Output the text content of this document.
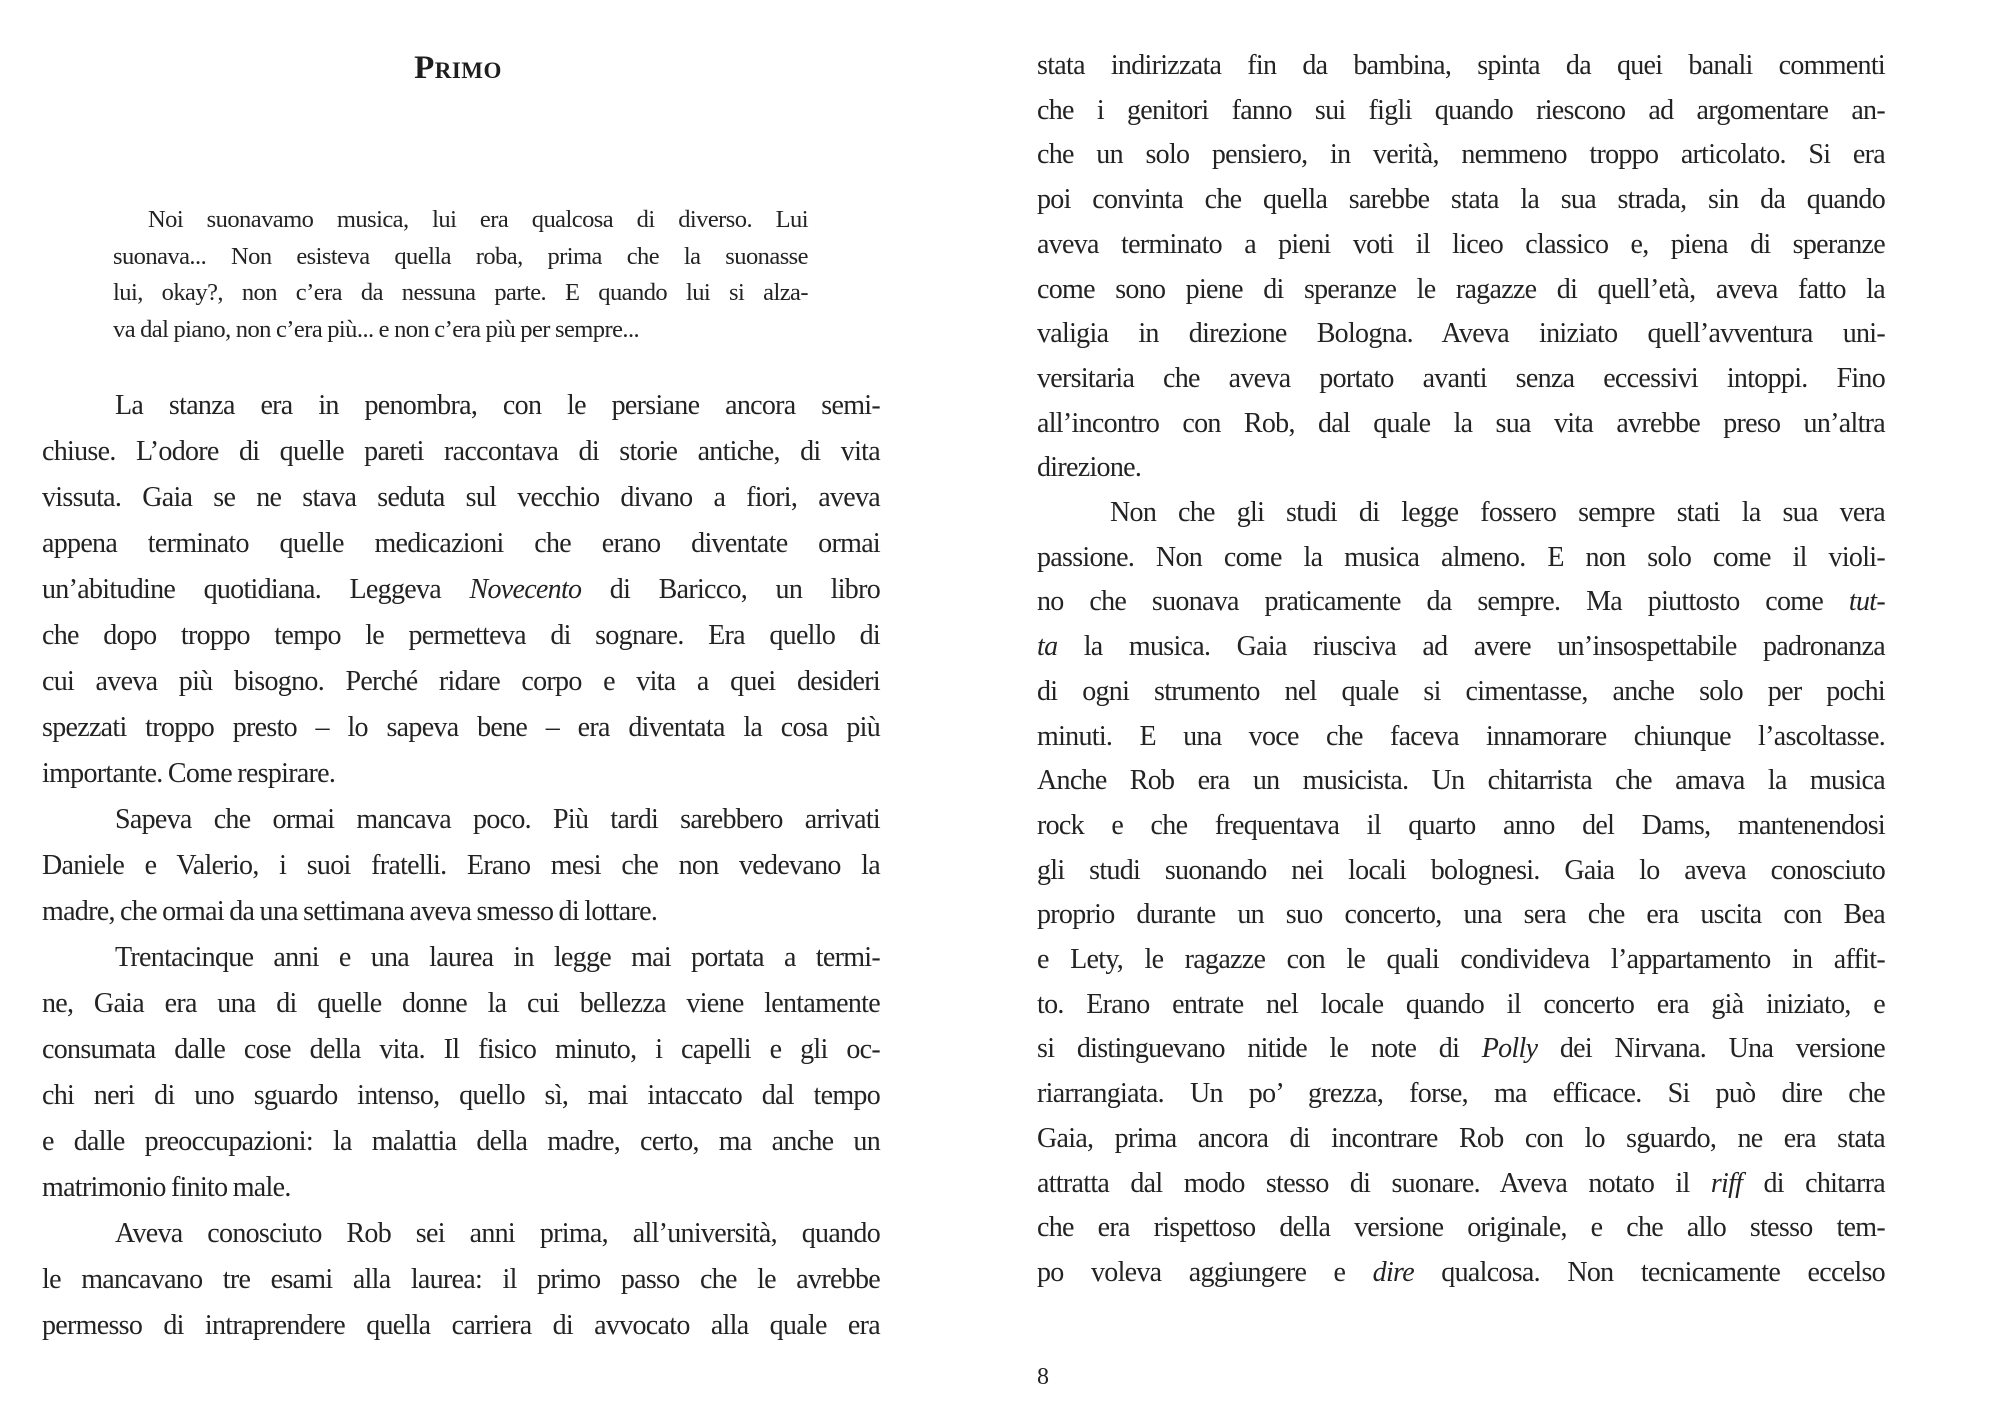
Primo
Noi suonavamo musica, lui era qualcosa di diverso. Lui
suonava... Non esisteva quella roba, prima che la suonasse
lui, okay?, non c’era da nessuna parte. E quando lui si alza-
va dal piano, non c’era più... e non c’era più per sempre...
La stanza era in penombra, con le persiane ancora semi-
chiuse. L’odore di quelle pareti raccontava di storie antiche, di vita
vissuta. Gaia se ne stava seduta sul vecchio divano a fiori, aveva
appena terminato quelle medicazioni che erano diventate ormai
un’abitudine quotidiana. Leggeva Novecento di Baricco, un libro
che dopo troppo tempo le permetteva di sognare. Era quello di
cui aveva più bisogno. Perché ridare corpo e vita a quei desideri
spezzati troppo presto – lo sapeva bene – era diventata la cosa più
importante. Come respirare.
Sapeva che ormai mancava poco. Più tardi sarebbero arrivati
Daniele e Valerio, i suoi fratelli. Erano mesi che non vedevano la
madre, che ormai da una settimana aveva smesso di lottare.
Trentacinque anni e una laurea in legge mai portata a termi-
ne, Gaia era una di quelle donne la cui bellezza viene lentamente
consumata dalle cose della vita. Il fisico minuto, i capelli e gli oc-
chi neri di uno sguardo intenso, quello sì, mai intaccato dal tempo
e dalle preoccupazioni: la malattia della madre, certo, ma anche un
matrimonio finito male.
Aveva conosciuto Rob sei anni prima, all’università, quando
le mancavano tre esami alla laurea: il primo passo che le avrebbe
permesso di intraprendere quella carriera di avvocato alla quale era
stata indirizzata fin da bambina, spinta da quei banali commenti
che i genitori fanno sui figli quando riescono ad argomentare an-
che un solo pensiero, in verità, nemmeno troppo articolato. Si era
poi convinta che quella sarebbe stata la sua strada, sin da quando
aveva terminato a pieni voti il liceo classico e, piena di speranze
come sono piene di speranze le ragazze di quell’età, aveva fatto la
valigia in direzione Bologna. Aveva iniziato quell’avventura uni-
versitaria che aveva portato avanti senza eccessivi intoppi. Fino
all’incontro con Rob, dal quale la sua vita avrebbe preso un’altra
direzione.
Non che gli studi di legge fossero sempre stati la sua vera
passione. Non come la musica almeno. E non solo come il violi-
no che suonava praticamente da sempre. Ma piuttosto come tut-
ta la musica. Gaia riusciva ad avere un’insospettabile padronanza
di ogni strumento nel quale si cimentasse, anche solo per pochi
minuti. E una voce che faceva innamorare chiunque l’ascoltasse.
Anche Rob era un musicista. Un chitarrista che amava la musica
rock e che frequentava il quarto anno del Dams, mantenendosi
gli studi suonando nei locali bolognesi. Gaia lo aveva conosciuto
proprio durante un suo concerto, una sera che era uscita con Bea
e Lety, le ragazze con le quali condivideva l’appartamento in affit-
to. Erano entrate nel locale quando il concerto era già iniziato, e
si distinguevano nitide le note di Polly dei Nirvana. Una versione
riarrangiata. Un po’ grezza, forse, ma efficace. Si può dire che
Gaia, prima ancora di incontrare Rob con lo sguardo, ne era stata
attratta dal modo stesso di suonare. Aveva notato il riff di chitarra
che era rispettoso della versione originale, e che allo stesso tem-
po voleva aggiungere e dire qualcosa. Non tecnicamente eccelso
8
